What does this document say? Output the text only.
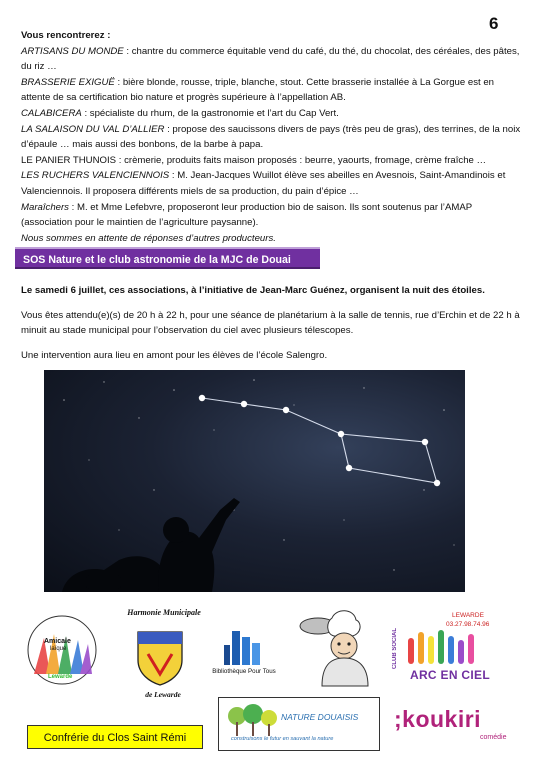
6

Vous rencontrerez :

ARTISANS DU MONDE : chantre du commerce équitable vend du café, du thé, du chocolat, des céréales, des pâtes, du riz …

BRASSERIE EXIGUË : bière blonde, rousse, triple, blanche, stout. Cette brasserie installée à La Gorgue est en attente de sa certification bio nature et progrès supérieure à l’appellation AB.

CALABICERA : spécialiste du rhum, de la gastronomie et l’art du Cap Vert.

LA SALAISON DU VAL D’ALLIER : propose des saucissons divers de pays (très peu de gras), des terrines, de la noix d’épaule … mais aussi des bonbons, de la barbe à papa.

LE PANIER THUNOIS : crèmerie, produits faits maison proposés : beurre, yaourts, fromage, crème fraîche …

LES RUCHERS VALENCIENNOIS : M. Jean-Jacques Wuillot élève ses abeilles en Avesnois, Saint-Amandinois et Valenciennois. Il proposera différents miels de sa production, du pain d’épice …

Maraîchers : M. et Mme Lefebvre, proposeront leur production bio de saison. Ils sont soutenus par l’AMAP (association pour le maintien de l’agriculture paysanne).

Nous sommes en attente de réponses d’autres producteurs.

SOS Nature et le club astronomie de la MJC de Douai

Le samedi 6 juillet, ces associations, à l’initiative de Jean-Marc Guénez, organisent la nuit des étoiles.

Vous êtes attendu(e)(s) de 20 h à 22 h, pour une séance de planétarium à la salle de tennis, rue d’Erchin et de 22 h à minuit au stade municipal pour l’observation du ciel avec plusieurs télescopes.

Une intervention aura lieu en amont pour les élèves de l’école Salengro.

Amicale
laïque
Lewarde
Harmonie Municipale
de Lewarde
Bibliothèque Pour Tous
LEWARDE
03.27.98.74.96
CLUB SOCIAL
ARC EN CIEL
Confrérie du Clos Saint Rémi
NATURE DOUAISIS
construisons le futur en sauvant la nature
;koukiri
comédie
